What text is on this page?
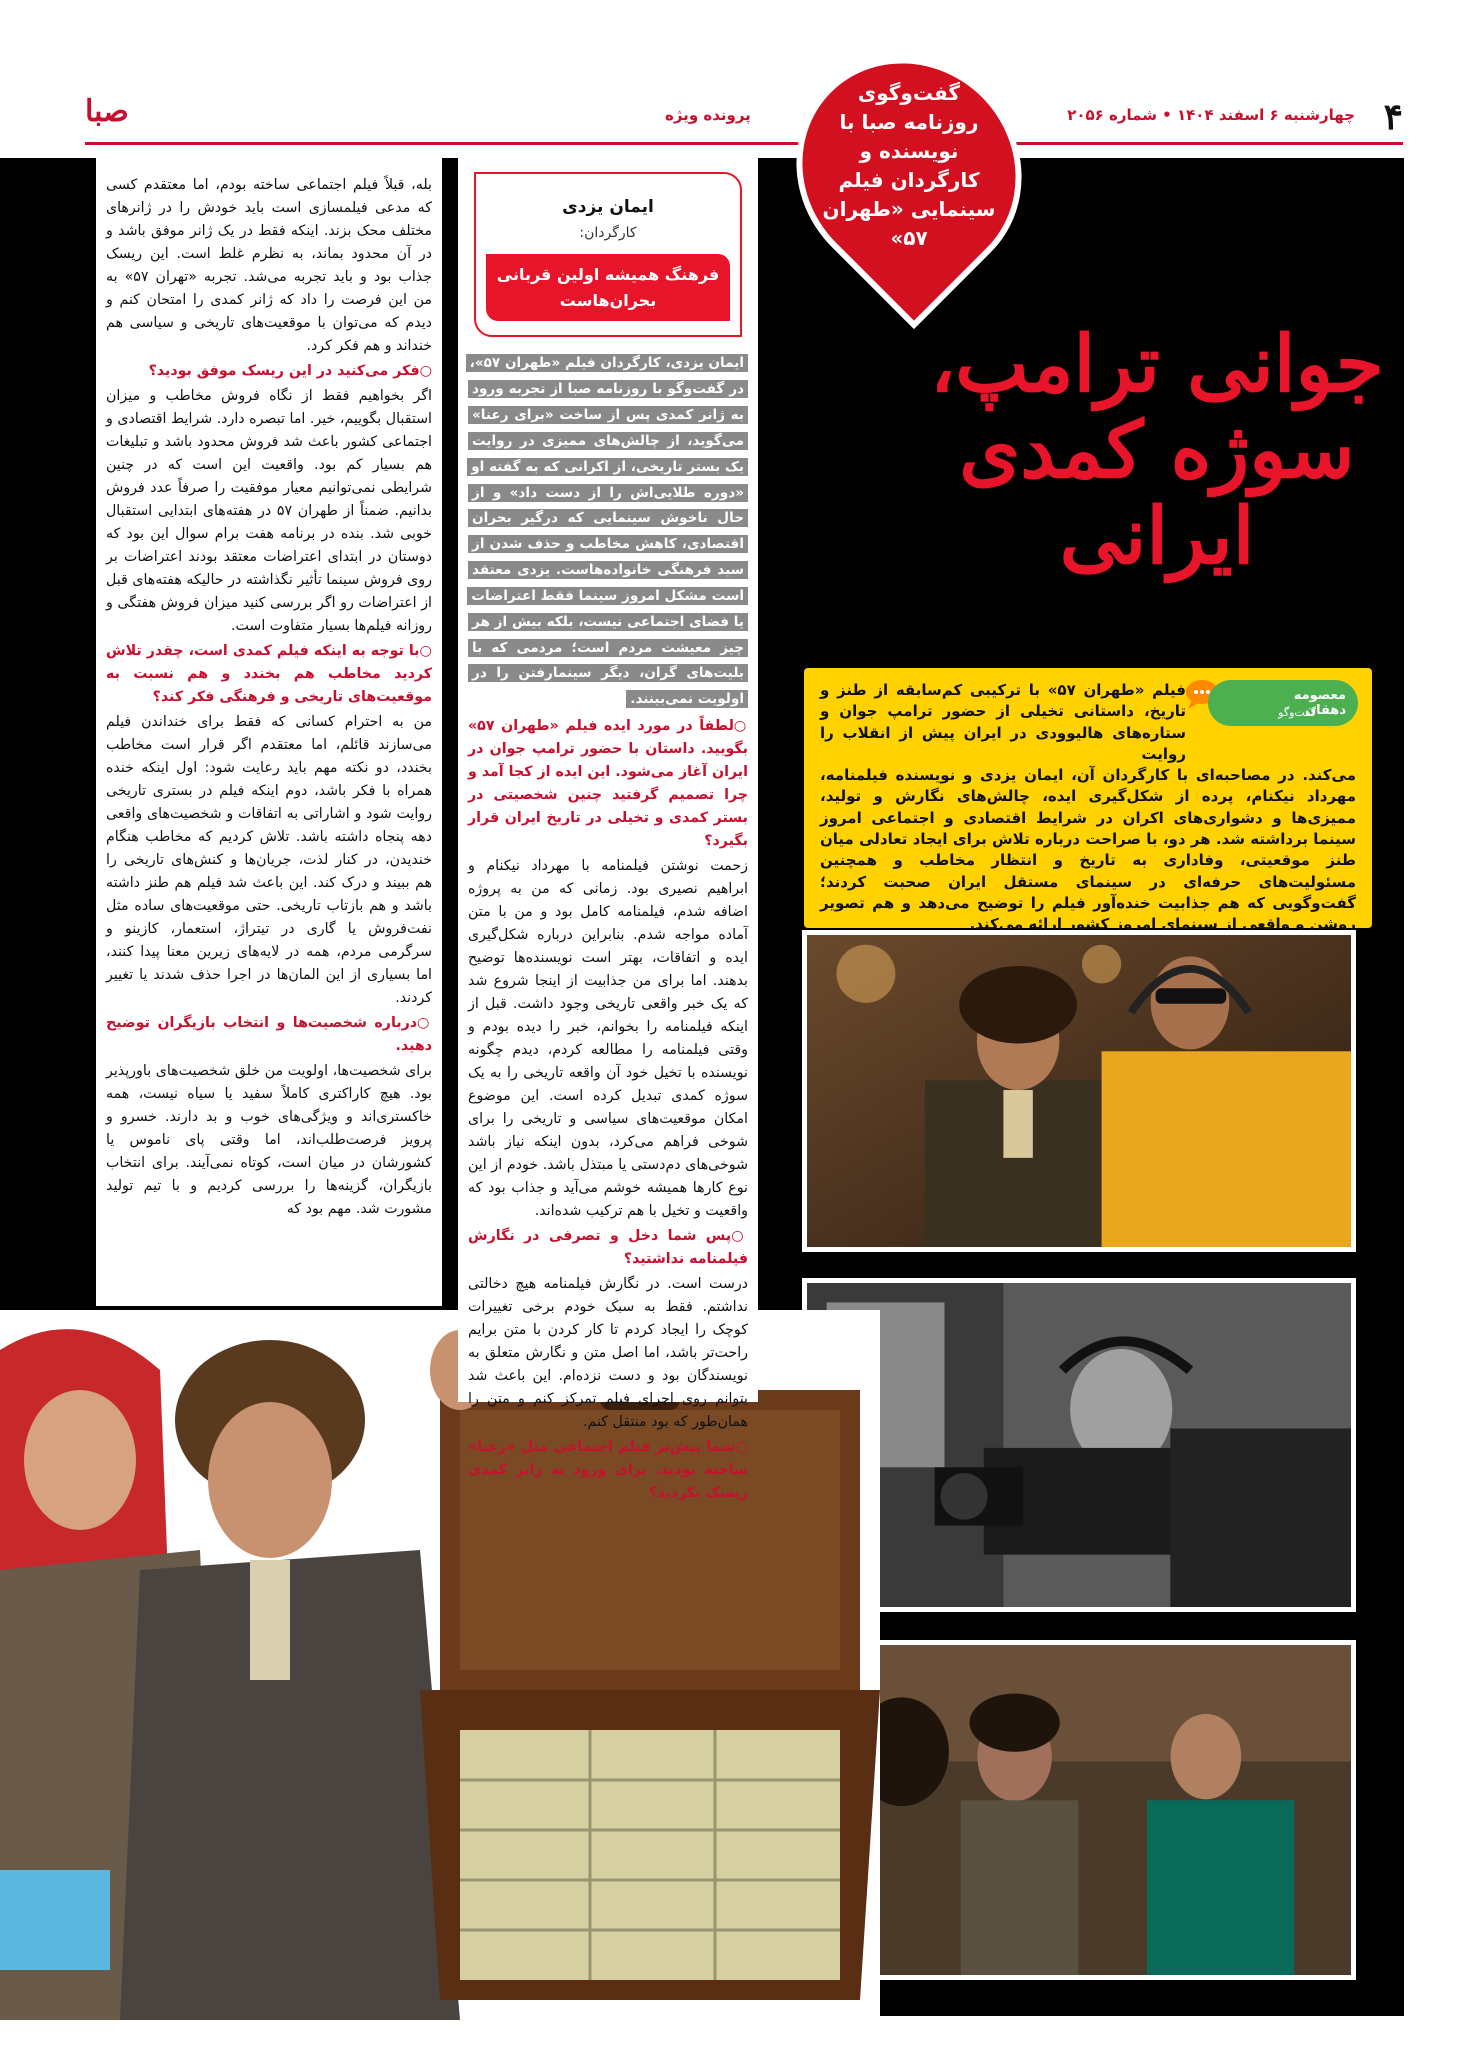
۴
چهارشنبه ۶ اسفند ۱۴۰۴ • شماره ۲۰۵۶
پرونده ویژه
صبا
گفت‌وگوی روزنامه صبا با نویسنده و کارگردان فیلم سینمایی «طهران ۵۷»
جوانی ترامپ،
سوژه کمدی
ایرانی
معصومه دهقان
گفت‌وگو
فیلم «طهران ۵۷» با ترکیبی کم‌سابقه از طنز و تاریخ، داستانی تخیلی از حضور ترامپ جوان و ستاره‌های هالیوودی در ایران پیش از انقلاب را روایت
می‌کند. در مصاحبه‌ای با کارگردان آن، ایمان یزدی و نویسنده فیلمنامه، مهرداد نیکنام، پرده از شکل‌گیری ایده، چالش‌های نگارش و تولید، ممیزی‌ها و دشواری‌های اکران در شرایط اقتصادی و اجتماعی امروز سینما برداشته شد. هر دو، با صراحت درباره تلاش برای ایجاد تعادلی میان طنز موقعیتی، وفاداری به تاریخ و انتظار مخاطب و همچنین مسئولیت‌های حرفه‌ای در سینمای مستقل ایران صحبت کردند؛ گفت‌وگویی که هم جذابیت خنده‌آور فیلم را توضیح می‌دهد و هم تصویر روشن و واقعی از سینمای امروز کشور ارائه می‌کند.
ایمان یزدی
کارگردان:
فرهنگ همیشه اولین قربانی بحران‌هاست

ایمان یزدی، کارگردان فیلم «طهران ۵۷»، در گفت‌وگو با روزنامه صبا از تجربه ورود به ژانر کمدی پس از ساخت «برای رعنا» می‌گوید، از چالش‌های ممیزی در روایت یک بستر تاریخی، از اکرانی که به گفته او «دوره طلایی‌اش را از دست داد» و از حال ناخوش سینمایی که درگیر بحران اقتصادی، کاهش مخاطب و حذف شدن از سبد فرهنگی خانواده‌هاست. یزدی معتقد است مشکل امروز سینما فقط اعتراضات یا فضای اجتماعی نیست، بلکه بیش از هر چیز معیشت مردم است؛ مردمی که با بلیت‌های گران، دیگر سینمارفتن را در اولویت نمی‌بینند.

○ لطفاً در مورد ایده فیلم «طهران ۵۷» بگویید. داستان با حضور ترامپ جوان در ایران آغاز می‌شود. این ایده از کجا آمد و چرا تصمیم گرفتید چنین شخصیتی در بستر کمدی و تخیلی در تاریخ ایران قرار بگیرد؟

زحمت نوشتن فیلمنامه با مهرداد نیکنام و ابراهیم نصیری بود. زمانی که من به پروژه اضافه شدم، فیلمنامه کامل بود و من با متن آماده مواجه شدم. بنابراین درباره شکل‌گیری ایده و اتفاقات، بهتر است نویسنده‌ها توضیح بدهند. اما برای من جذابیت از اینجا شروع شد که یک خبر واقعی تاریخی وجود داشت. قبل از اینکه فیلمنامه را بخوانم، خبر را دیده بودم و وقتی فیلمنامه را مطالعه کردم، دیدم چگونه نویسنده با تخیل خود آن واقعه تاریخی را به یک سوژه کمدی تبدیل کرده است. این موضوع امکان موقعیت‌های سیاسی و تاریخی را برای شوخی فراهم می‌کرد، بدون اینکه نیاز باشد شوخی‌های دم‌دستی یا مبتذل باشد. خودم از این نوع کارها همیشه خوشم می‌آید و جذاب بود که واقعیت و تخیل با هم ترکیب شده‌اند.

○ پس شما دخل و تصرفی در نگارش فیلمنامه نداشتید؟

درست است. در نگارش فیلمنامه هیچ دخالتی نداشتم. فقط به سبک خودم برخی تغییرات کوچک را ایجاد کردم تا کار کردن با متن برایم راحت‌تر باشد، اما اصل متن و نگارش متعلق به نویسندگان بود و دست نزده‌ام. این باعث شد بتوانم روی اجرای فیلم تمرکز کنم و متن را همان‌طور که بود منتقل کنم.

○ شما پیش‌تر فیلم اجتماعی مثل «رعنا» ساخته بودید. برای ورود به ژانر کمدی ریسک نکردید؟

بله، قبلاً فیلم اجتماعی ساخته بودم، اما معتقدم کسی که مدعی فیلمسازی است باید خودش را در ژانرهای مختلف محک بزند. اینکه فقط در یک ژانر موفق باشد و در آن محدود بماند، به نظرم غلط است. این ریسک جذاب بود و باید تجربه می‌شد. تجربه «تهران ۵۷» به من این فرصت را داد که ژانر کمدی را امتحان کنم و دیدم که می‌توان با موقعیت‌های تاریخی و سیاسی هم خنداند و هم فکر کرد.

○ فکر می‌کنید در این ریسک موفق بودید؟

اگر بخواهیم فقط از نگاه فروش مخاطب و میزان استقبال بگوییم، خیر. اما تبصره دارد. شرایط اقتصادی و اجتماعی کشور باعث شد فروش محدود باشد و تبلیغات هم بسیار کم بود. واقعیت این است که در چنین شرایطی نمی‌توانیم معیار موفقیت را صرفاً عدد فروش بدانیم. ضمناً از طهران ۵۷ در هفته‌های ابتدایی استقبال خوبی شد. بنده در برنامه هفت برام سوال این بود که دوستان در ابتدای اعتراضات معتقد بودند اعتراضات بر روی فروش سینما تأثیر نگذاشته در حالیکه هفته‌های قبل از اعتراضات رو اگر بررسی کنید میزان فروش هفتگی و روزانه فیلم‌ها بسیار متفاوت است.

○ با توجه به اینکه فیلم کمدی است، چقدر تلاش کردید مخاطب هم بخندد و هم نسبت به موقعیت‌های تاریخی و فرهنگی فکر کند؟

من به احترام کسانی که فقط برای خنداندن فیلم می‌سازند قائلم، اما معتقدم اگر قرار است مخاطب بخندد، دو نکته مهم باید رعایت شود: اول اینکه خنده همراه با فکر باشد، دوم اینکه فیلم در بستری تاریخی روایت شود و اشاراتی به اتفاقات و شخصیت‌های واقعی دهه پنجاه داشته باشد. تلاش کردیم که مخاطب هنگام خندیدن، در کنار لذت، جریان‌ها و کنش‌های تاریخی را هم ببیند و درک کند. این باعث شد فیلم هم طنز داشته باشد و هم بازتاب تاریخی. حتی موقعیت‌های ساده مثل نفت‌فروش یا گاری در تیتراژ، استعمار، کازینو و سرگرمی مردم، همه در لایه‌های زیرین معنا پیدا کنند، اما بسیاری از این المان‌ها در اجرا حذف شدند یا تغییر کردند.

○ درباره شخصیت‌ها و انتخاب بازیگران توضیح دهید.

برای شخصیت‌ها، اولویت من خلق شخصیت‌های باورپذیر بود. هیچ کاراکتری کاملاً سفید یا سیاه نیست، همه خاکستری‌اند و ویژگی‌های خوب و بد دارند. خسرو و پرویز فرصت‌طلب‌اند، اما وقتی پای ناموس یا کشورشان در میان است، کوتاه نمی‌آیند. برای انتخاب بازیگران، گزینه‌ها را بررسی کردیم و با تیم تولید مشورت شد. مهم بود که
